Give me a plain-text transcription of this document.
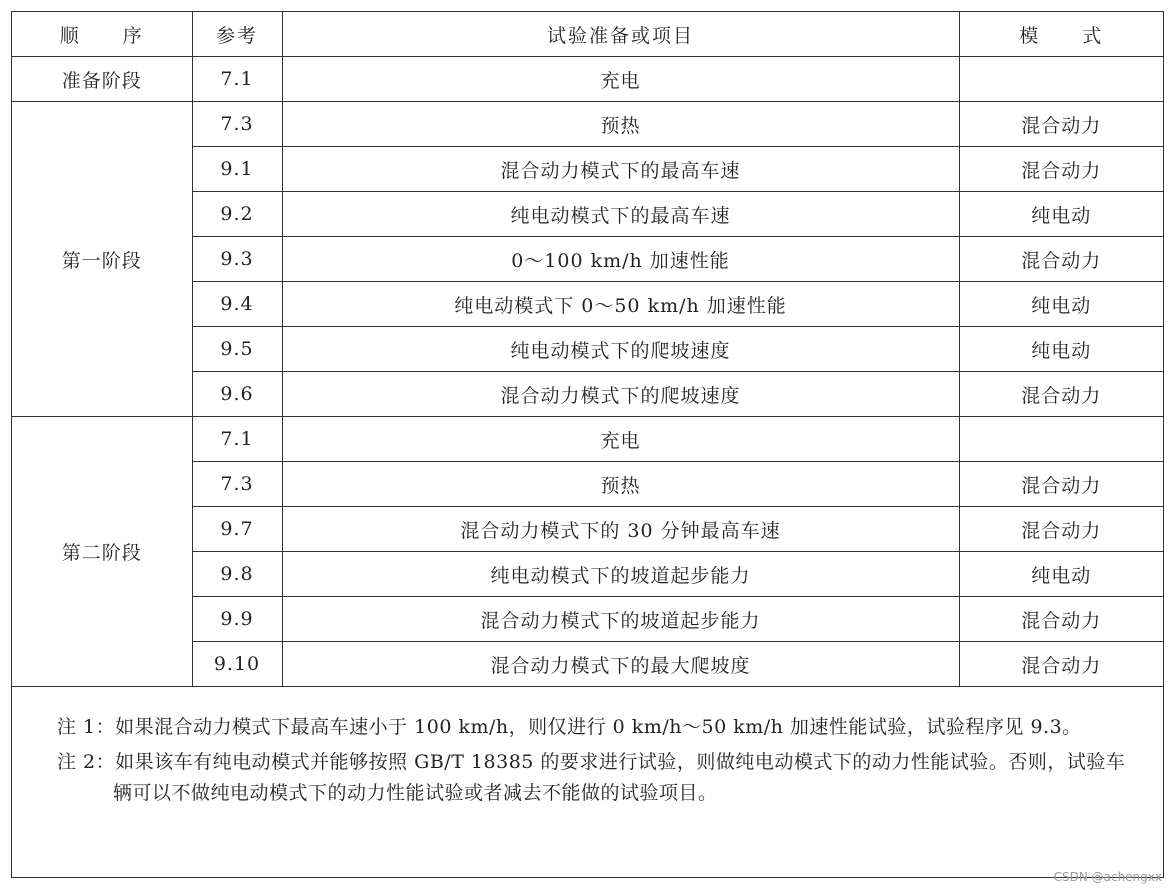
顺　　序	参考	试验准备或项目	模　　式
准备阶段	7.1	充电	
第一阶段	7.3	预热	混合动力
	9.1	混合动力模式下的最高车速	混合动力
	9.2	纯电动模式下的最高车速	纯电动
	9.3	0～100 km/h 加速性能	混合动力
	9.4	纯电动模式下 0～50 km/h 加速性能	纯电动
	9.5	纯电动模式下的爬坡速度	纯电动
	9.6	混合动力模式下的爬坡速度	混合动力
第二阶段	7.1	充电	
	7.3	预热	混合动力
	9.7	混合动力模式下的 30 分钟最高车速	混合动力
	9.8	纯电动模式下的坡道起步能力	纯电动
	9.9	混合动力模式下的坡道起步能力	混合动力
	9.10	混合动力模式下的最大爬坡度	混合动力

注 1：如果混合动力模式下最高车速小于 100 km/h，则仅进行 0 km/h～50 km/h 加速性能试验，试验程序见 9.3。

注 2：如果该车有纯电动模式并能够按照 GB/T 18385 的要求进行试验，则做纯电动模式下的动力性能试验。否则，试验车辆可以不做纯电动模式下的动力性能试验或者减去不能做的试验项目。

CSDN @achengxx
